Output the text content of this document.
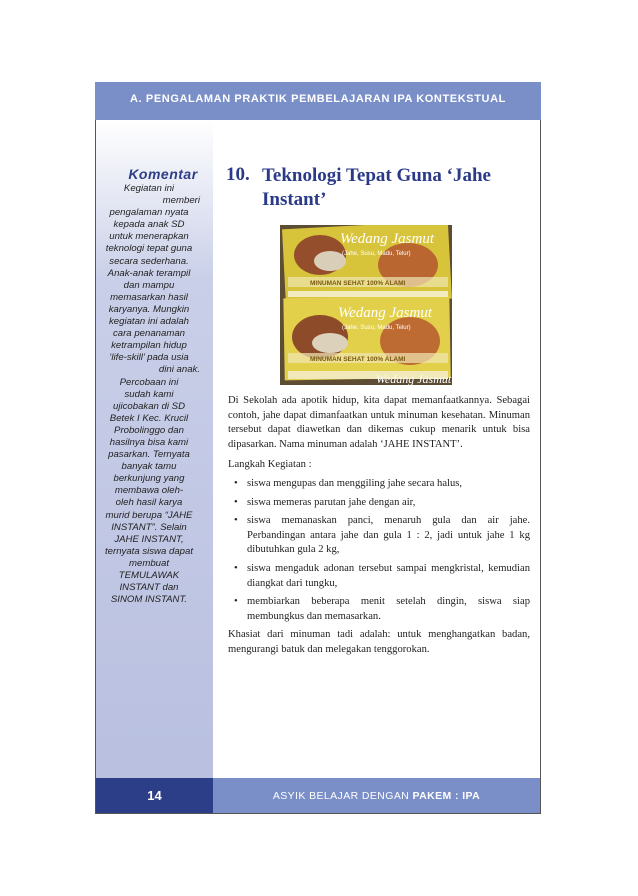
A. PENGALAMAN PRAKTIK PEMBELAJARAN IPA KONTEKSTUAL
Komentar
Kegiatan ini
memberi
pengalaman nyata
kepada anak SD
untuk menerapkan
teknologi tepat guna
secara sederhana.
Anak-anak terampil
dan mampu
memasarkan hasil
karyanya. Mungkin
kegiatan ini adalah
cara penanaman
ketrampilan hidup
‘life-skill’ pada usia
dini anak.
Percobaan ini
sudah kami
ujicobakan di SD
Betek I Kec. Krucil
Probolinggo dan
hasilnya bisa kami
pasarkan. Ternyata
banyak tamu
berkunjung yang
membawa oleh-
oleh hasil karya
murid berupa “JAHE
INSTANT”. Selain
JAHE INSTANT,
ternyata siswa dapat
membuat
TEMULAWAK
INSTANT dan
SINOM INSTANT.
10. Teknologi Tepat Guna ‘Jahe Instant’
Wedang Jasmut
(Jahe, Susu, Madu, Telur)
MINUMAN SEHAT 100% ALAMI
Wedang Jasmut
(Jahe, Susu, Madu, Telur)
MINUMAN SEHAT 100% ALAMI
Wedang Jasmut

Di Sekolah ada apotik hidup, kita dapat memanfaatkannya. Sebagai contoh, jahe dapat dimanfaatkan untuk minuman kesehatan. Minuman tersebut dapat diawetkan dan dikemas cukup menarik untuk bisa dipasarkan. Nama minuman adalah ‘JAHE INSTANT’.

Langkah Kegiatan :

• siswa mengupas dan menggiling jahe secara halus,
• siswa memeras parutan jahe dengan air,
• siswa memanaskan panci, menaruh gula dan air jahe. Perbandingan antara jahe dan gula 1 : 2, jadi untuk jahe 1 kg dibutuhkan gula 2 kg,
• siswa mengaduk adonan tersebut sampai mengkristal, kemudian diangkat dari tungku,
• membiarkan beberapa menit setelah dingin, siswa siap membungkus dan memasarkan.

Khasiat dari minuman tadi adalah: untuk menghangatkan badan, mengurangi batuk dan melegakan tenggorokan.

14	ASYIK BELAJAR DENGAN PAKEM : IPA
